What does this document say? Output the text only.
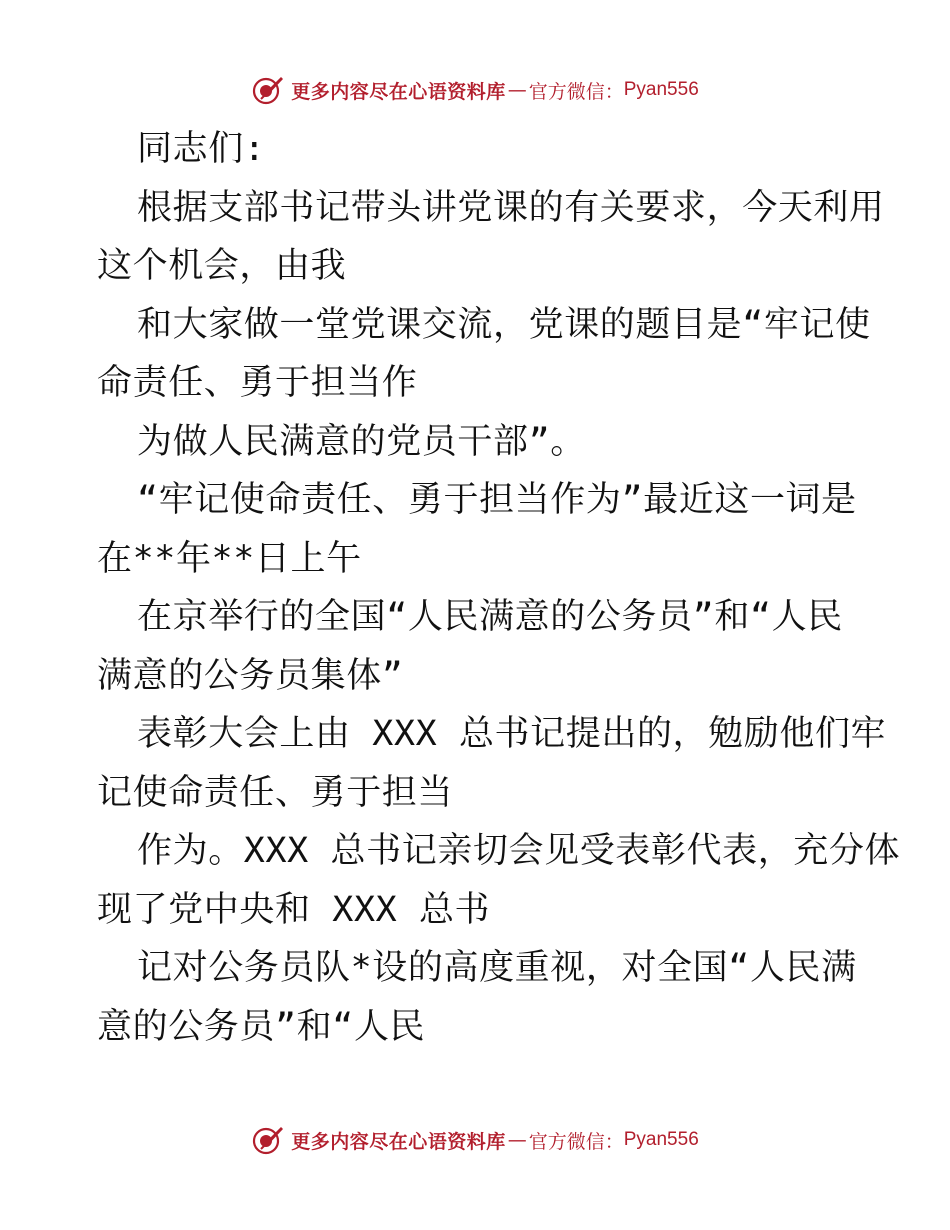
更多内容尽在心语资料库 — 官方微信： Pyan556
同志们:
根据支部书记带头讲党课的有关要求，今天利用
这个机会，由我
和大家做一堂党课交流，党课的题目是“牢记使
命责任、勇于担当作
为做人民满意的党员干部”。
“牢记使命责任、勇于担当作为”最近这一词是
在**年**日上午
在京举行的全国“人民满意的公务员”和“人民
满意的公务员集体”
表彰大会上由 XXX 总书记提出的，勉励他们牢
记使命责任、勇于担当
作为。XXX 总书记亲切会见受表彰代表，充分体
现了党中央和 XXX 总书
记对公务员队*设的高度重视，对全国“人民满
意的公务员”和“人民
更多内容尽在心语资料库 — 官方微信： Pyan556
